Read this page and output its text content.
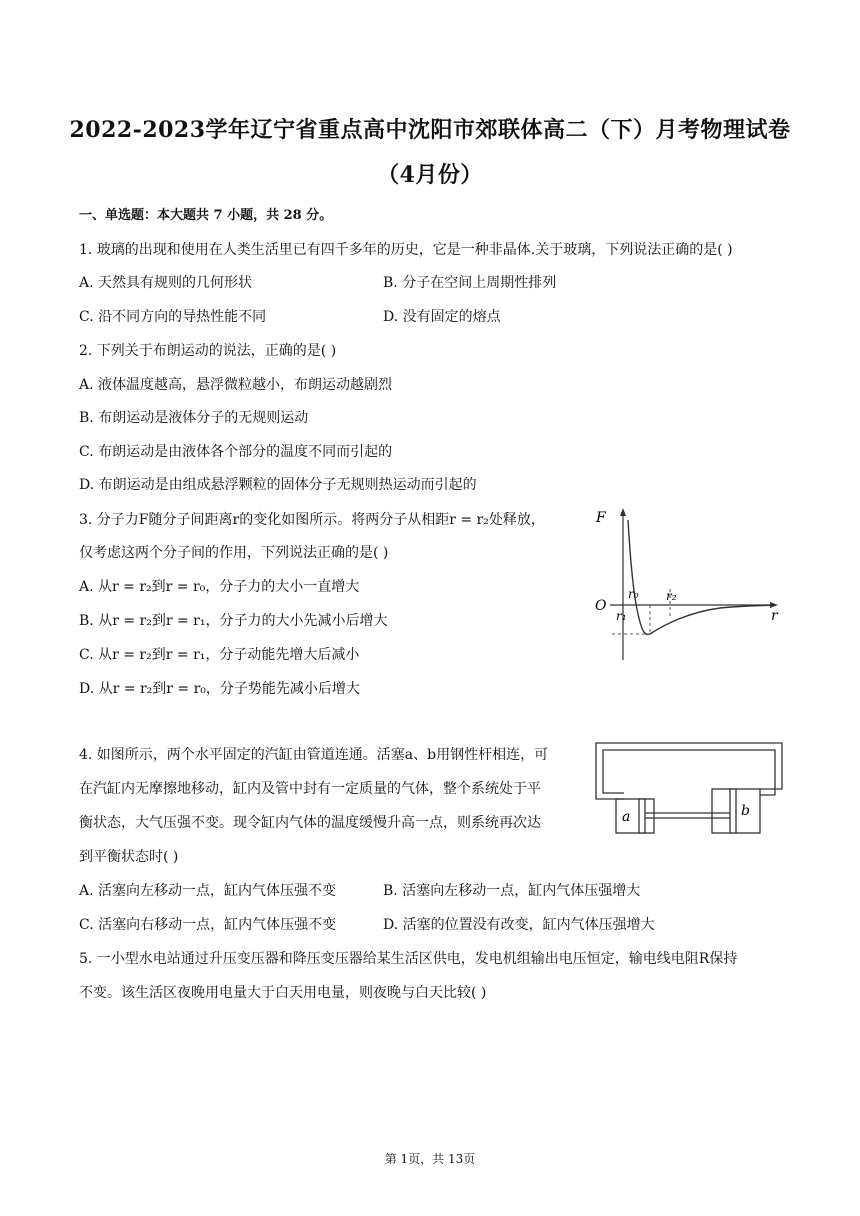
2022-2023学年辽宁省重点高中沈阳市郊联体高二（下）月考物理试卷
（4月份）
一、单选题：本大题共 7 小题，共 28 分。
1. 玻璃的出现和使用在人类生活里已有四千多年的历史，它是一种非晶体.关于玻璃，下列说法正确的是( )
A. 天然具有规则的几何形状	B. 分子在空间上周期性排列
C. 沿不同方向的导热性能不同	D. 没有固定的熔点
2. 下列关于布朗运动的说法，正确的是( )
A. 液体温度越高，悬浮微粒越小，布朗运动越剧烈
B. 布朗运动是液体分子的无规则运动
C. 布朗运动是由液体各个部分的温度不同而引起的
D. 布朗运动是由组成悬浮颗粒的固体分子无规则热运动而引起的
3. 分子力F随分子间距离r的变化如图所示。将两分子从相距r = r₂处释放，
仅考虑这两个分子间的作用，下列说法正确的是( )
A. 从r = r₂到r = r₀，分子力的大小一直增大
B. 从r = r₂到r = r₁，分子力的大小先减小后增大
C. 从r = r₂到r = r₁，分子动能先增大后减小
D. 从r = r₂到r = r₀，分子势能先减小后增大
F
O
r
r₀
r₁
r₂
4. 如图所示，两个水平固定的汽缸由管道连通。活塞a、b用钢性杆相连，可
在汽缸内无摩擦地移动，缸内及管中封有一定质量的气体，整个系统处于平
衡状态，大气压强不变。现令缸内气体的温度缓慢升高一点，则系统再次达
到平衡状态时( )
A. 活塞向左移动一点，缸内气体压强不变	B. 活塞向左移动一点，缸内气体压强增大
C. 活塞向右移动一点，缸内气体压强不变	D. 活塞的位置没有改变，缸内气体压强增大
a	b
5. 一小型水电站通过升压变压器和降压变压器给某生活区供电，发电机组输出电压恒定，输电线电阻R保持
不变。该生活区夜晚用电量大于白天用电量，则夜晚与白天比较( )
第 1页，共 13页
